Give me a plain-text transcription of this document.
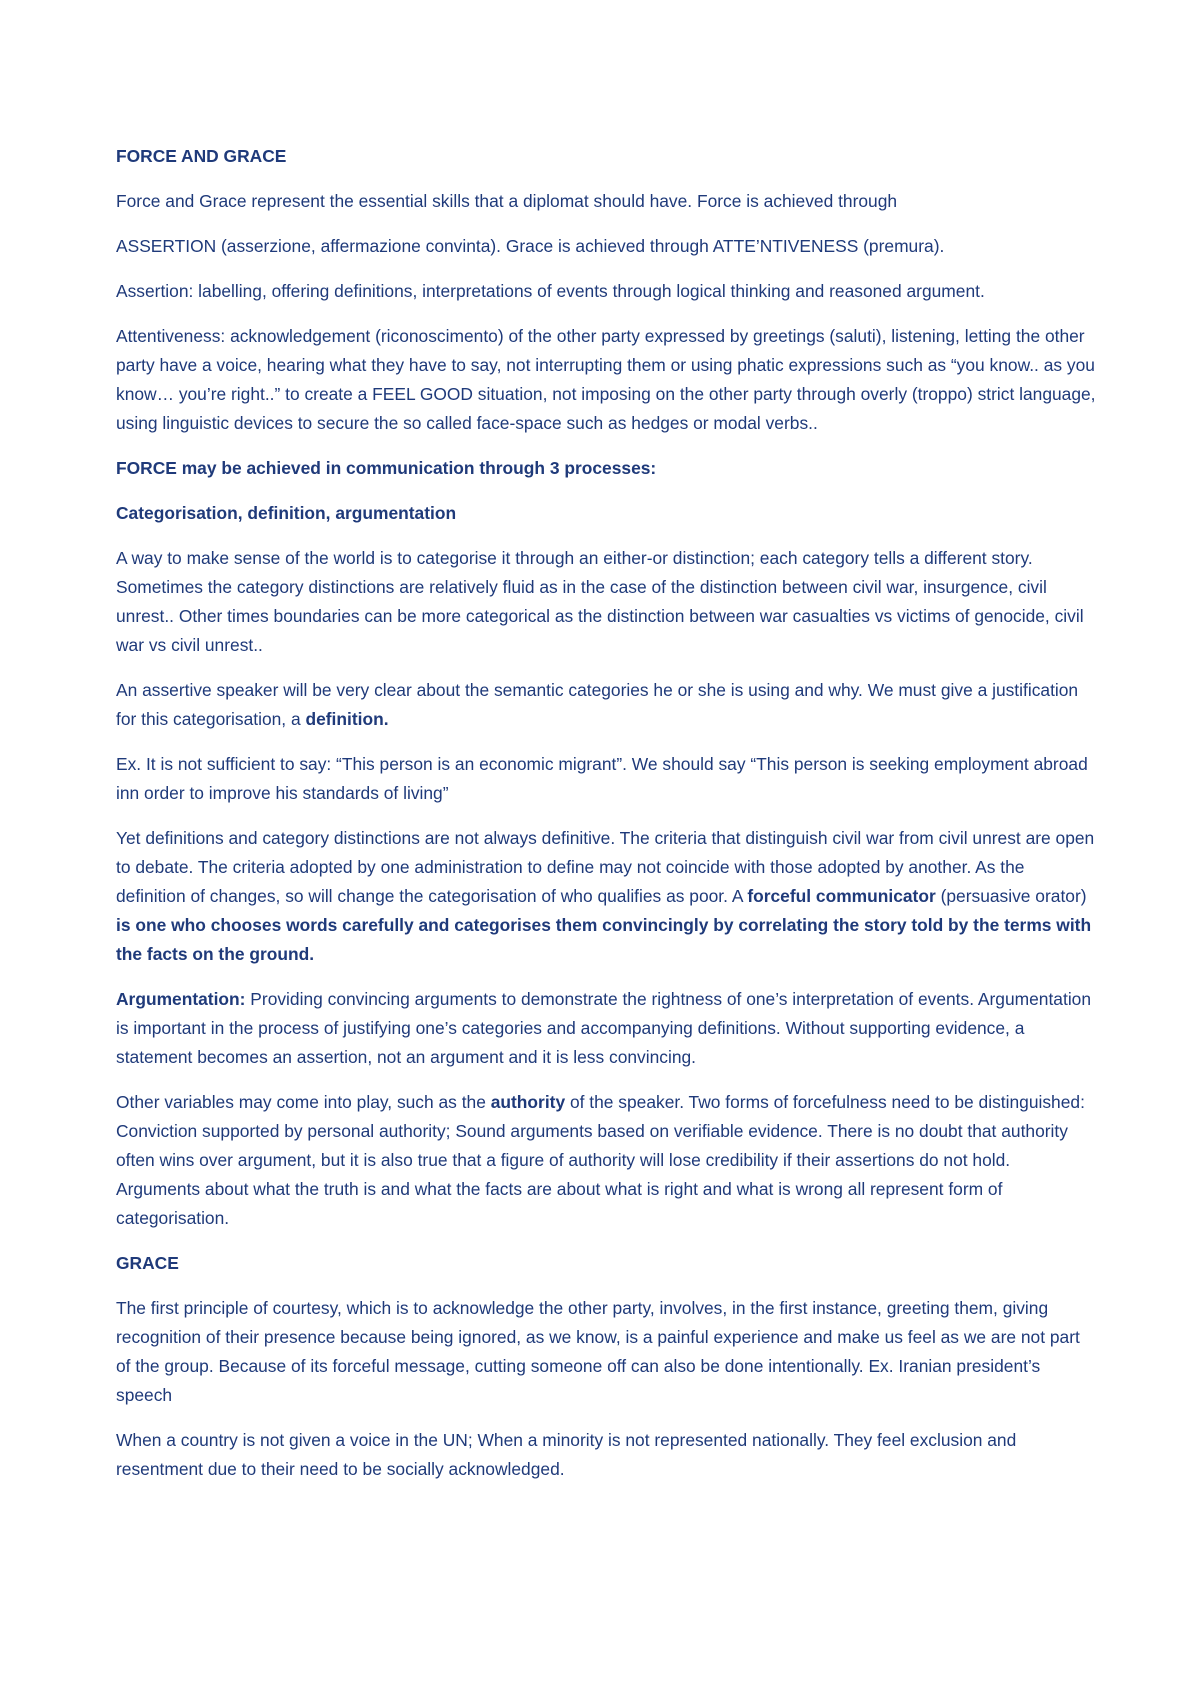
FORCE AND GRACE

Force and Grace represent the essential skills that a diplomat should have. Force is achieved through

ASSERTION (asserzione, affermazione convinta). Grace is achieved through ATTE’NTIVENESS (premura).

Assertion: labelling, offering definitions, interpretations of events through logical thinking and reasoned argument.

Attentiveness: acknowledgement (riconoscimento) of the other party expressed by greetings (saluti), listening, letting the other party have a voice, hearing what they have to say, not interrupting them or using phatic expressions such as “you know.. as you know… you’re right..” to create a FEEL GOOD situation, not imposing on the other party through overly (troppo) strict language, using linguistic devices to secure the so called face-space such as hedges or modal verbs..

FORCE may be achieved in communication through 3 processes:

Categorisation, definition, argumentation

A way to make sense of the world is to categorise it through an either-or distinction; each category tells a different story. Sometimes the category distinctions are relatively fluid as in the case of the distinction between civil war, insurgence, civil unrest.. Other times boundaries can be more categorical as the distinction between war casualties vs victims of genocide, civil war vs civil unrest..

An assertive speaker will be very clear about the semantic categories he or she is using and why. We must give a justification for this categorisation, a definition.

Ex. It is not sufficient to say: “This person is an economic migrant”. We should say “This person is seeking employment abroad inn order to improve his standards of living”

Yet definitions and category distinctions are not always definitive. The criteria that distinguish civil war from civil unrest are open to debate. The criteria adopted by one administration to define may not coincide with those adopted by another. As the definition of changes, so will change the categorisation of who qualifies as poor. A forceful communicator (persuasive orator) is one who chooses words carefully and categorises them convincingly by correlating the story told by the terms with the facts on the ground.

Argumentation: Providing convincing arguments to demonstrate the rightness of one’s interpretation of events. Argumentation is important in the process of justifying one’s categories and accompanying definitions. Without supporting evidence, a statement becomes an assertion, not an argument and it is less convincing.

Other variables may come into play, such as the authority of the speaker. Two forms of forcefulness need to be distinguished: Conviction supported by personal authority; Sound arguments based on verifiable evidence. There is no doubt that authority often wins over argument, but it is also true that a figure of authority will lose credibility if their assertions do not hold. Arguments about what the truth is and what the facts are about what is right and what is wrong all represent form of categorisation.

GRACE

The first principle of courtesy, which is to acknowledge the other party, involves, in the first instance, greeting them, giving recognition of their presence because being ignored, as we know, is a painful experience and make us feel as we are not part of the group. Because of its forceful message, cutting someone off can also be done intentionally. Ex. Iranian president’s speech

When a country is not given a voice in the UN; When a minority is not represented nationally. They feel exclusion and resentment due to their need to be socially acknowledged.
